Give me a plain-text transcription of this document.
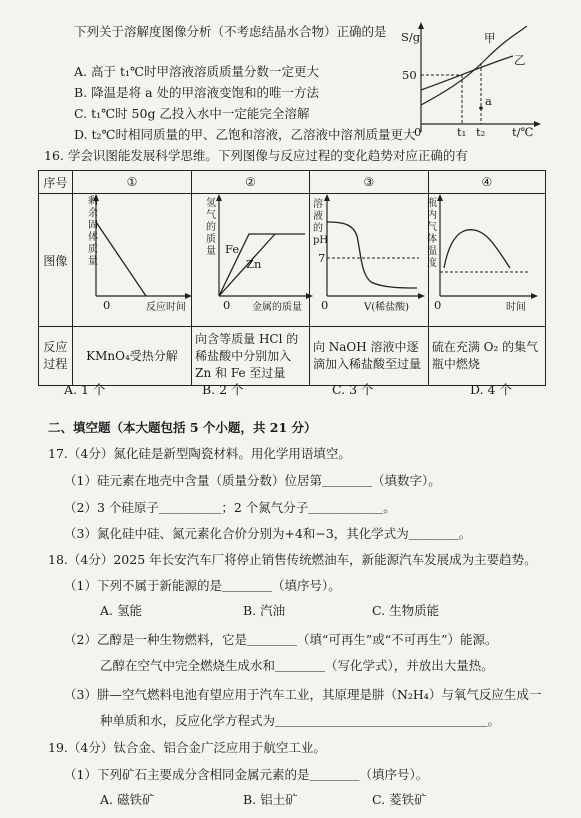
下列关于溶解度图像分析（不考虑结晶水合物）正确的是
A. 高于 t₁℃时甲溶液溶质质量分数一定更大
B. 降温是将 a 处的甲溶液变饱和的唯一方法
C. t₁℃时 50g 乙投入水中一定能完全溶解
D. t₂℃时相同质量的甲、乙饱和溶液，乙溶液中溶剂质量更大
S/g	甲
乙
50
a
0	t₁ t₂ t/℃
16. 学会识图能发展科学思维。下列图像与反应过程的变化趋势对应正确的有
序号	①	②	③	④
图像				
反应过程	KMnO₄受热分解	向含等质量 HCl 的稀盐酸中分别加入 Zn 和 Fe 至过量	向 NaOH 溶液中逐滴加入稀盐酸至过量	硫在充满 O₂ 的集气瓶中燃烧
剩余固体质量
0	反应时间
氢气的质量 Fe
Zn
0 金属的质量
溶液的pH
7
0	V(稀盐酸)
瓶内气体温度
0	时间
A. 1 个	B. 2 个	C. 3 个	D. 4 个
二、填空题（本大题包括 5 个小题，共 21 分）
17.（4分）氮化硅是新型陶瓷材料。用化学用语填空。
（1）硅元素在地壳中含量（质量分数）位居第＿＿＿＿（填数字）。
（2）3 个硅原子＿＿＿＿＿；2 个氮气分子＿＿＿＿＿＿。
（3）氮化硅中硅、氮元素化合价分别为+4和−3，其化学式为＿＿＿＿。
18.（4分）2025 年长安汽车厂将停止销售传统燃油车，新能源汽车发展成为主要趋势。
（1）下列不属于新能源的是＿＿＿＿（填序号）。
A. 氢能	B. 汽油	C. 生物质能
（2）乙醇是一种生物燃料，它是＿＿＿＿（填“可再生”或“不可再生”）能源。
乙醇在空气中完全燃烧生成水和＿＿＿＿（写化学式），并放出大量热。
（3）肼—空气燃料电池有望应用于汽车工业，其原理是肼（N₂H₄）与氧气反应生成一
种单质和水，反应化学方程式为＿＿＿＿＿＿＿＿＿＿＿＿＿＿＿＿＿。
19.（4分）钛合金、铝合金广泛应用于航空工业。
（1）下列矿石主要成分含相同金属元素的是＿＿＿＿（填序号）。
A. 磁铁矿	B. 铝土矿	C. 菱铁矿
